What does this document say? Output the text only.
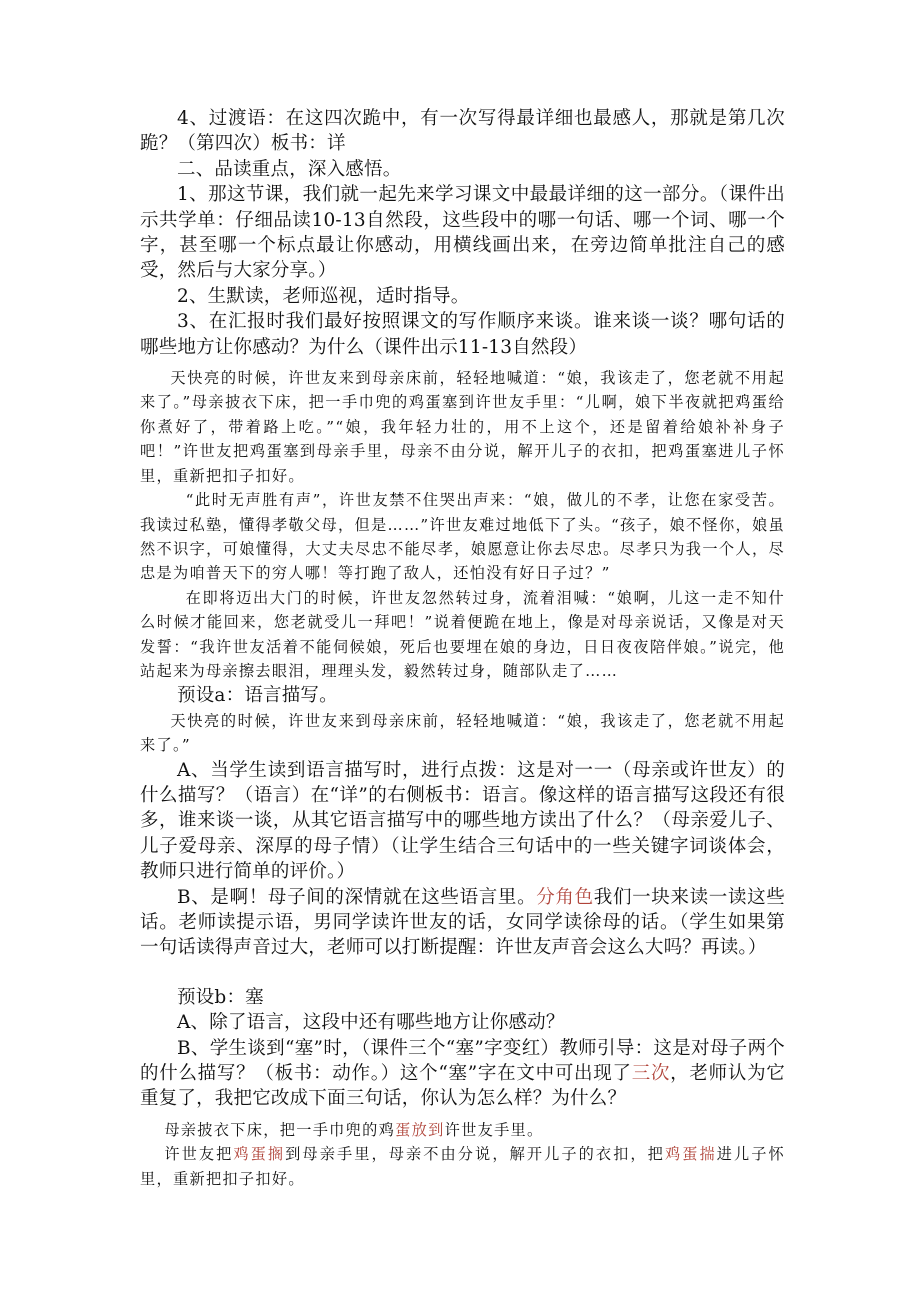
4、过渡语：在这四次跪中，有一次写得最详细也最感人，那就是第几次跪？（第四次）板书：详

二、品读重点，深入感悟。

1、那这节课，我们就一起先来学习课文中最最详细的这一部分。（课件出示共学单：仔细品读10-13自然段，这些段中的哪一句话、哪一个词、哪一个字，甚至哪一个标点最让你感动，用横线画出来，在旁边简单批注自己的感受，然后与大家分享。）

2、生默读，老师巡视，适时指导。

3、在汇报时我们最好按照课文的写作顺序来谈。谁来谈一谈？哪句话的哪些地方让你感动？为什么（课件出示11-13自然段）

天快亮的时候，许世友来到母亲床前，轻轻地喊道：“娘，我该走了，您老就不用起来了。”母亲披衣下床，把一手巾兜的鸡蛋塞到许世友手里：“儿啊，娘下半夜就把鸡蛋给你煮好了，带着路上吃。”“娘，我年轻力壮的，用不上这个，还是留着给娘补补身子吧！”许世友把鸡蛋塞到母亲手里，母亲不由分说，解开儿子的衣扣，把鸡蛋塞进儿子怀里，重新把扣子扣好。

“此时无声胜有声”，许世友禁不住哭出声来：“娘，做儿的不孝，让您在家受苦。我读过私塾，懂得孝敬父母，但是……”许世友难过地低下了头。“孩子，娘不怪你，娘虽然不识字，可娘懂得，大丈夫尽忠不能尽孝，娘愿意让你去尽忠。尽孝只为我一个人，尽忠是为咱普天下的穷人哪！等打跑了敌人，还怕没有好日子过？”

在即将迈出大门的时候，许世友忽然转过身，流着泪喊：“娘啊，儿这一走不知什么时候才能回来，您老就受儿一拜吧！”说着便跪在地上，像是对母亲说话，又像是对天发誓：“我许世友活着不能伺候娘，死后也要埋在娘的身边，日日夜夜陪伴娘。”说完，他站起来为母亲擦去眼泪，理理头发，毅然转过身，随部队走了……

预设a：语言描写。

天快亮的时候，许世友来到母亲床前，轻轻地喊道：“娘，我该走了，您老就不用起来了。”

A、当学生读到语言描写时，进行点拨：这是对一一（母亲或许世友）的什么描写？（语言）在“详”的右侧板书：语言。像这样的语言描写这段还有很多，谁来谈一谈，从其它语言描写中的哪些地方读出了什么？（母亲爱儿子、儿子爱母亲、深厚的母子情）（让学生结合三句话中的一些关键字词谈体会，教师只进行简单的评价。）

B、是啊！母子间的深情就在这些语言里。分角色我们一块来读一读这些话。老师读提示语，男同学读许世友的话，女同学读徐母的话。（学生如果第一句话读得声音过大，老师可以打断提醒：许世友声音会这么大吗？再读。）

预设b：塞

A、除了语言，这段中还有哪些地方让你感动？

B、学生谈到“塞”时，（课件三个“塞”字变红）教师引导：这是对母子两个的什么描写？（板书：动作。）这个“塞”字在文中可出现了三次，老师认为它重复了，我把它改成下面三句话，你认为怎么样？为什么？

母亲披衣下床，把一手巾兜的鸡蛋放到许世友手里。

许世友把鸡蛋搁到母亲手里，母亲不由分说，解开儿子的衣扣，把鸡蛋揣进儿子怀里，重新把扣子扣好。
